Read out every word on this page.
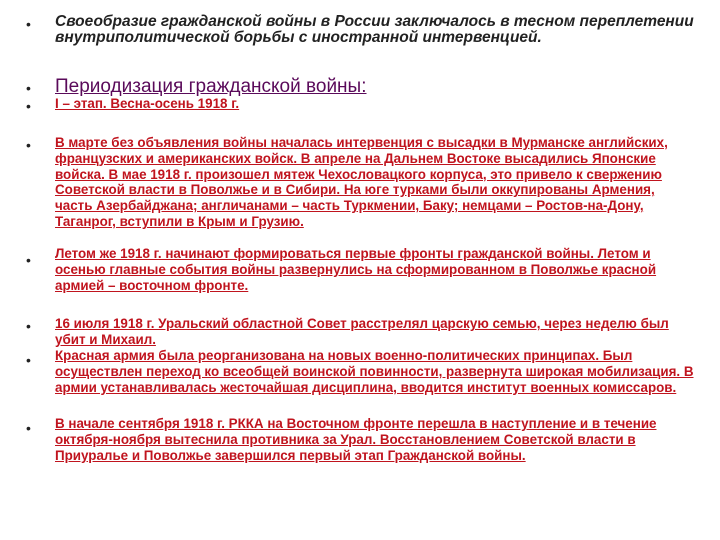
• Своеобразие гражданской войны в России заключалось в тесном переплетении внутриполитической борьбы с иностранной интервенцией.
• Периодизация гражданской войны:
• I – этап. Весна-осень 1918 г.
• В марте без объявления войны началась интервенция с высадки в Мурманске английских, французских и американских войск. В апреле на Дальнем Востоке высадились Японские войска. В мае 1918 г. произошел мятеж Чехословацкого корпуса, это привело к свержению Советской власти в Поволжье и в Сибири. На юге турками были оккупированы Армения, часть Азербайджана; англичанами – часть Туркмении, Баку; немцами – Ростов-на-Дону, Таганрог, вступили в Крым и Грузию.
• Летом же 1918 г. начинают формироваться первые фронты гражданской войны. Летом и осенью главные события войны развернулись на сформированном в Поволжье красной армией – восточном фронте.
• 16 июля 1918 г. Уральский областной Совет расстрелял царскую семью, через неделю был убит и Михаил.
• Красная армия была реорганизована на новых военно-политических принципах. Был осуществлен переход ко всеобщей воинской повинности, развернута широкая мобилизация. В армии устанавливалась жесточайшая дисциплина, вводится институт военных комиссаров.
• В начале сентября 1918 г. РККА на Восточном фронте перешла в наступление и в течение октября-ноября вытеснила противника за Урал. Восстановлением Советской власти в Приуралье и Поволжье завершился первый этап Гражданской войны.
